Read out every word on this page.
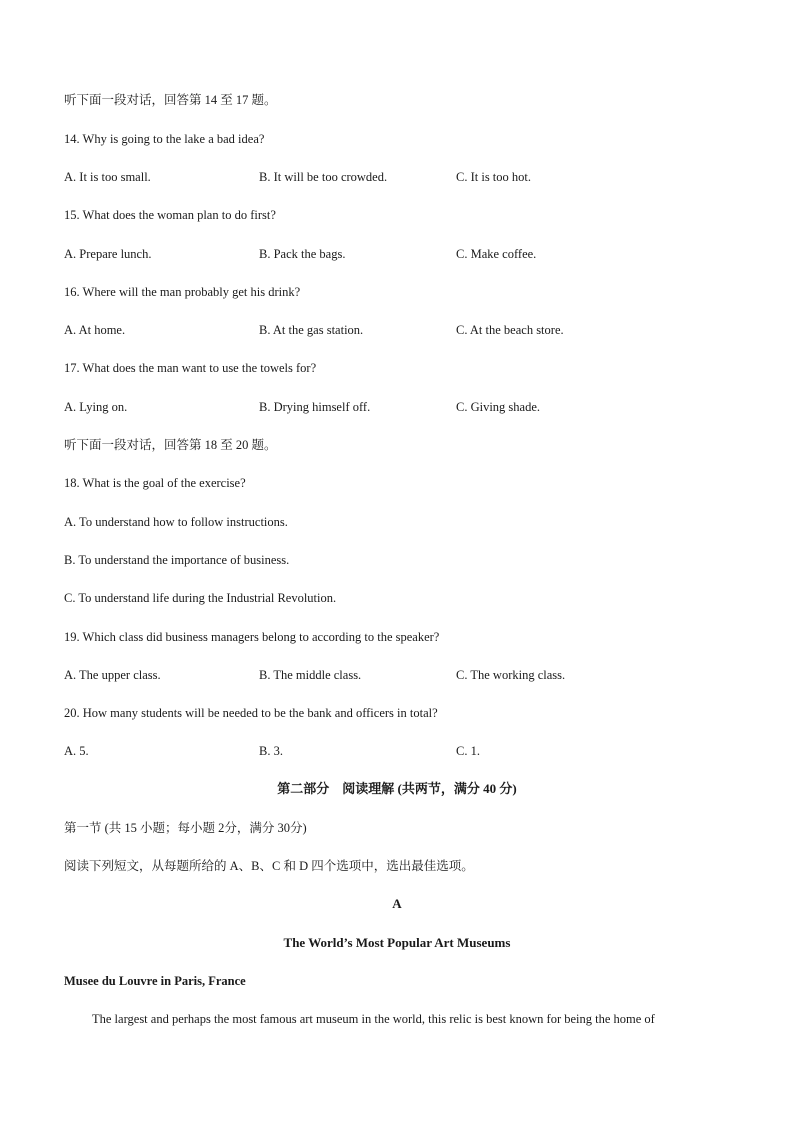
听下面一段对话，回答第 14 至 17 题。
14. Why is going to the lake a bad idea?
A. It is too small.	B. It will be too crowded.	C. It is too hot.
15. What does the woman plan to do first?
A. Prepare lunch.	B. Pack the bags.	C. Make coffee.
16. Where will the man probably get his drink?
A. At home.	B. At the gas station.	C. At the beach store.
17. What does the man want to use the towels for?
A. Lying on.	B. Drying himself off.	C. Giving shade.
听下面一段对话，回答第 18 至 20 题。
18. What is the goal of the exercise?
A. To understand how to follow instructions.
B. To understand the importance of business.
C. To understand life during the Industrial Revolution.
19. Which class did business managers belong to according to the speaker?
A. The upper class.	B. The middle class.	C. The working class.
20. How many students will be needed to be the bank and officers in total?
A. 5.	B. 3.	C. 1.
第二部分　阅读理解 (共两节，满分 40 分)
第一节 (共 15 小题；每小题 2分，满分 30分)
阅读下列短文，从每题所给的 A、B、C 和 D 四个选项中，选出最佳选项。
A
The World’s Most Popular Art Museums
Musee du Louvre in Paris, France
The largest and perhaps the most famous art museum in the world, this relic is best known for being the home of
